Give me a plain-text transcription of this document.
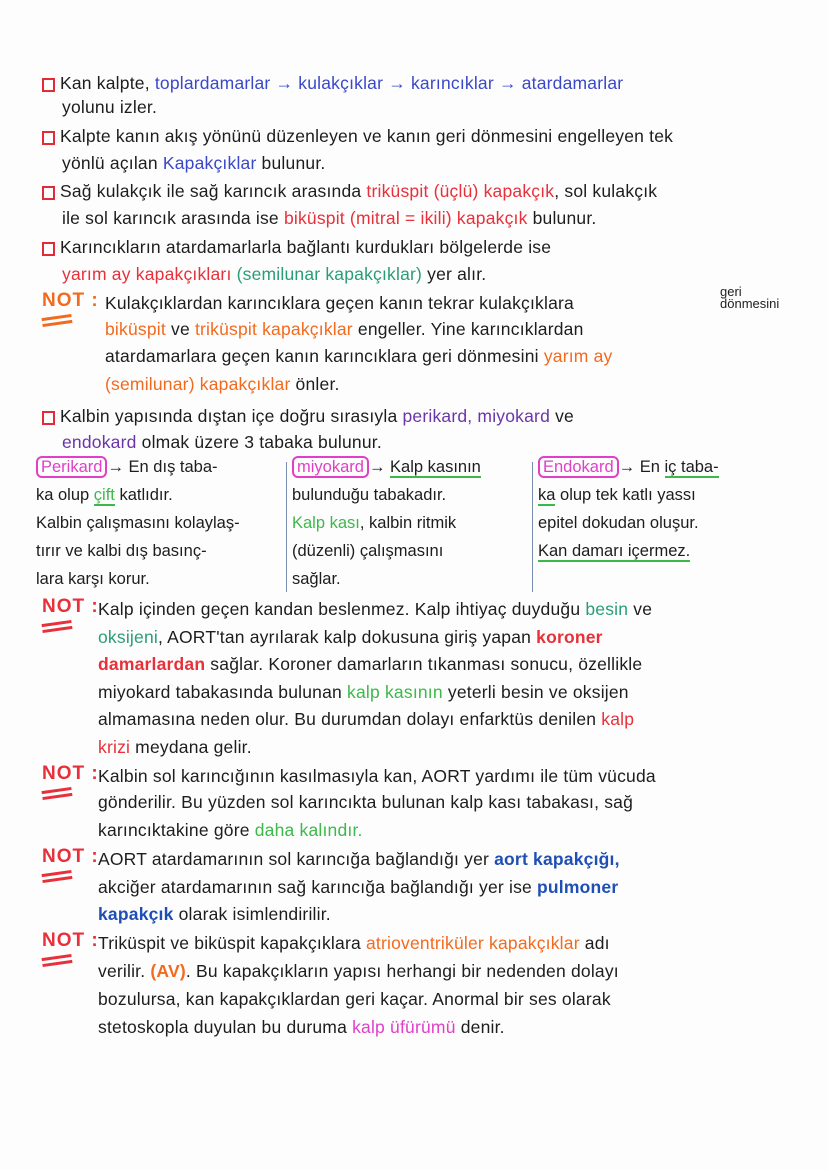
Kan kalpte, toplardamarlar → kulakçıklar → karıncıklar → atardamarlar
yolunu izler.
Kalpte kanın akış yönünü düzenleyen ve kanın geri dönmesini engelleyen tek
yönlü açılan Kapakçıklar bulunur.
Sağ kulakçık ile sağ karıncık arasında triküspit (üçlü) kapakçık, sol kulakçık
ile sol karıncık arasında ise biküspit (mitral = ikili) kapakçık bulunur.
Karıncıkların atardamarlarla bağlantı kurdukları bölgelerde ise
yarım ay kapakçıkları (semilunar kapakçıklar) yer alır.
Kulakçıklardan karıncıklara geçen kanın tekrar kulakçıklara
NOT :
biküspit ve triküspit kapakçıklar engeller. Yine karıncıklardan
atardamarlara geçen kanın karıncıklara geri dönmesini yarım ay
(semilunar) kapakçıklar önler.
Kalbin yapısında dıştan içe doğru sırasıyla perikard, miyokard ve
endokard olmak üzere 3 tabaka bulunur.
Kalp içinden geçen kandan beslenmez. Kalp ihtiyaç duyduğu besin ve
NOT :
oksijeni, AORT'tan ayrılarak kalp dokusuna giriş yapan koroner
damarlardan sağlar. Koroner damarların tıkanması sonucu, özellikle
miyokard tabakasında bulunan kalp kasının yeterli besin ve oksijen
almamasına neden olur. Bu durumdan dolayı enfarktüs denilen kalp
krizi meydana gelir.
Kalbin sol karıncığının kasılmasıyla kan, AORT yardımı ile tüm vücuda
NOT :
gönderilir. Bu yüzden sol karıncıkta bulunan kalp kası tabakası, sağ
karıncıktakine göre daha kalındır.
AORT atardamarının sol karıncığa bağlandığı yer aort kapakçığı,
NOT :
akciğer atardamarının sağ karıncığa bağlandığı yer ise pulmoner
kapakçık olarak isimlendirilir.
Triküspit ve biküspit kapakçıklara atrioventriküler kapakçıklar adı
NOT :
verilir. (AV). Bu kapakçıkların yapısı herhangi bir nedenden dolayı
bozulursa, kan kapakçıklardan geri kaçar. Anormal bir ses olarak
stetoskopla duyulan bu duruma kalp üfürümü denir.
geri
dönmesini
Perikard → En dış taba-
ka olup çift katlıdır.
Kalbin çalışmasını kolaylaş-
tırır ve kalbi dış basınç-
lara karşı korur.
miyokard → Kalp kasının
bulunduğu tabakadır.
Kalp kası, kalbin ritmik
(düzenli) çalışmasını
sağlar.
Endokard → En iç taba-
ka olup tek katlı yassı
epitel dokudan oluşur.
Kan damarı içermez.
